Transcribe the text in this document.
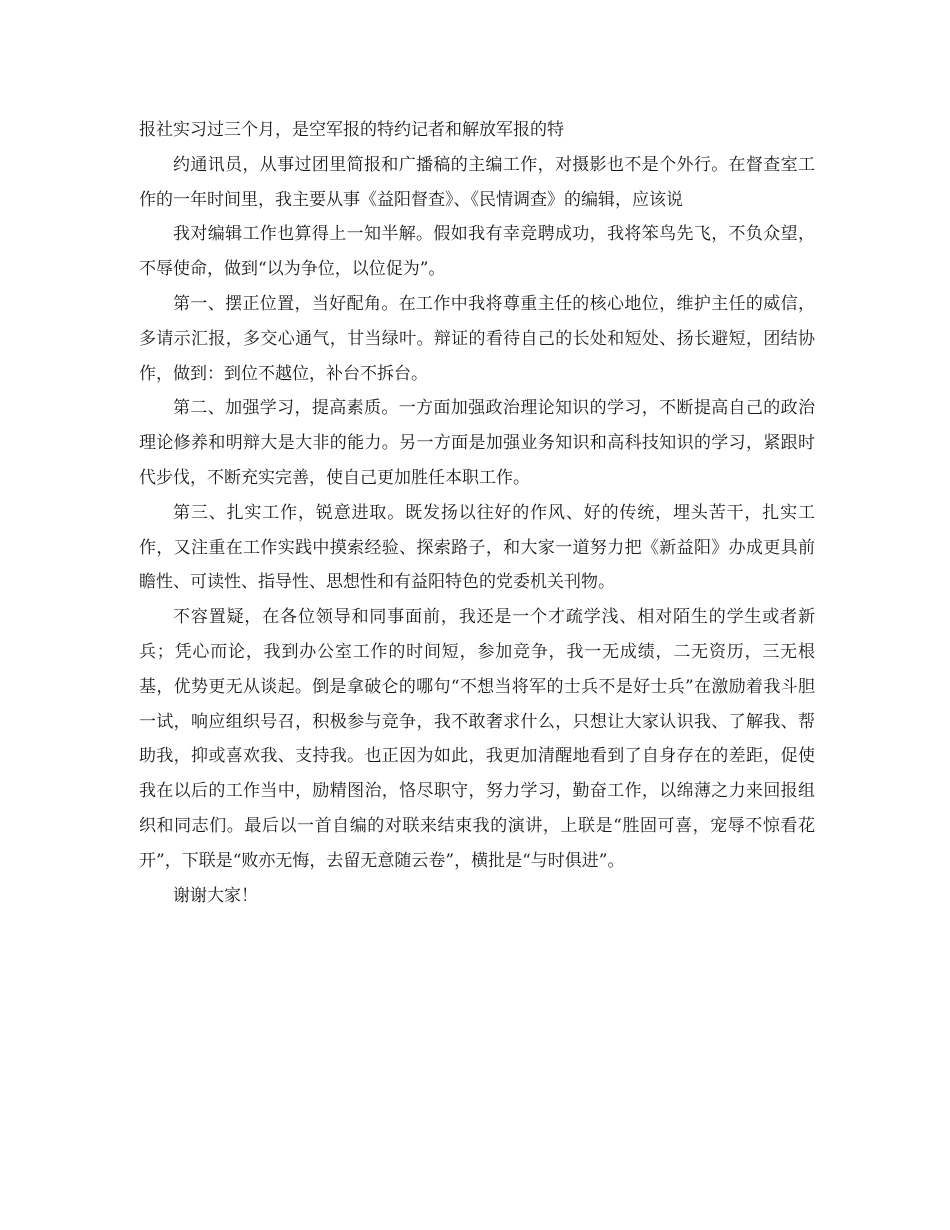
报社实习过三个月，是空军报的特约记者和解放军报的特

约通讯员，从事过团里简报和广播稿的主编工作，对摄影也不是个外行。在督查室工作的一年时间里，我主要从事《益阳督查》、《民情调查》的编辑，应该说

我对编辑工作也算得上一知半解。假如我有幸竞聘成功，我将笨鸟先飞，不负众望，不辱使命，做到“以为争位，以位促为”。

第一、摆正位置，当好配角。在工作中我将尊重主任的核心地位，维护主任的威信，多请示汇报，多交心通气，甘当绿叶。辩证的看待自己的长处和短处、扬长避短，团结协作，做到：到位不越位，补台不拆台。

第二、加强学习，提高素质。一方面加强政治理论知识的学习，不断提高自己的政治理论修养和明辩大是大非的能力。另一方面是加强业务知识和高科技知识的学习，紧跟时代步伐，不断充实完善，使自己更加胜任本职工作。

第三、扎实工作，锐意进取。既发扬以往好的作风、好的传统，埋头苦干，扎实工作，又注重在工作实践中摸索经验、探索路子，和大家一道努力把《新益阳》办成更具前瞻性、可读性、指导性、思想性和有益阳特色的党委机关刊物。

不容置疑，在各位领导和同事面前，我还是一个才疏学浅、相对陌生的学生或者新兵；凭心而论，我到办公室工作的时间短，参加竞争，我一无成绩，二无资历，三无根基，优势更无从谈起。倒是拿破仑的哪句“不想当将军的士兵不是好士兵”在激励着我斗胆一试，响应组织号召，积极参与竞争，我不敢奢求什么，只想让大家认识我、了解我、帮助我，抑或喜欢我、支持我。也正因为如此，我更加清醒地看到了自身存在的差距，促使我在以后的工作当中，励精图治，恪尽职守，努力学习，勤奋工作，以绵薄之力来回报组织和同志们。最后以一首自编的对联来结束我的演讲，上联是“胜固可喜，宠辱不惊看花开”，下联是“败亦无悔，去留无意随云卷”，横批是“与时俱进”。

谢谢大家！
